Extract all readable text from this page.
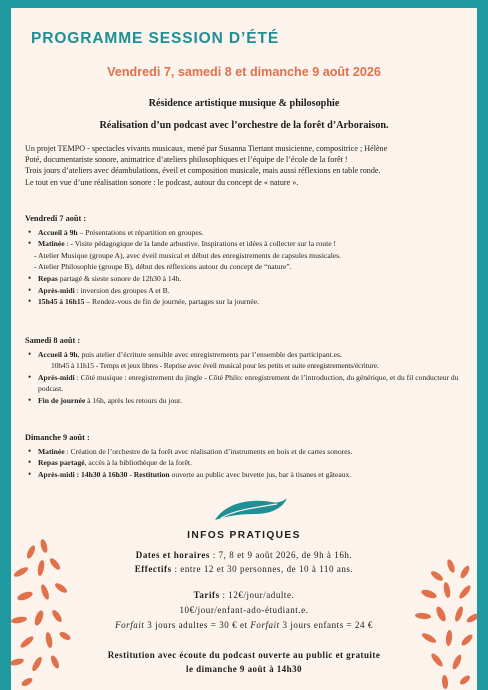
PROGRAMME SESSION D’ÉTÉ
Vendredi 7, samedi 8 et dimanche 9 août 2026
Résidence artistique musique & philosophie
Réalisation d’un podcast avec l’orchestre de la forêt d’Arboraison.
Un projet TEMPO - spectacles vivants musicaux, mené par Susanna Tiertant musicienne, compositrice ; Hélène
Poté, documentariste sonore, animatrice d’ateliers philosophiques et l’équipe de l’école de la forêt !
Trois jours d’ateliers avec déambulations, éveil et composition musicale, mais aussi réflexions en table ronde.
Le tout en vue d’une réalisation sonore : le podcast, autour du concept de « nature ».
Vendredi 7 août :
• Accueil à 9h – Présentations et répartition en groupes.
• Matinée : - Visite pédagogique de la lande arbustive. Inspirations et idées à collecter sur la route !
- Atelier Musique (groupe A), avec éveil musical et début des enregistrements de capsules musicales.
- Atelier Philosophie (groupe B), début des réflexions autour du concept de “nature”.
• Repas partagé & sieste sonore de 12h30 à 14h.
• Après-midi : inversion des groupes A et B.
• 15h45 à 16h15 – Rendez-vous de fin de journée, partages sur la journée.
Samedi 8 août :
• Accueil à 9h, puis atelier d’écriture sensible avec enregistrements par l’ensemble des participant.es.
10h45 à 11h15 - Temps et jeux libres - Reprise avec éveil musical pour les petits et suite enregistrements/écriture.
• Après-midi : Côté musique : enregistrement du jingle - Côté Philo: enregistrement de l’introduction, du générique, et du fil conducteur du podcast.
• Fin de journée à 16h, après les retours du jour.
Dimanche 9 août :
• Matinée : Création de l’orchestre de la forêt avec réalisation d’instruments en bois et de cartes sonores.
• Repas partagé, accès à la bibliothèque de la forêt.
• Après-midi : 14h30 à 16h30 - Restitution ouverte au public avec buvette jus, bar à tisanes et gâteaux.
INFOS PRATIQUES
Dates et horaires : 7, 8 et 9 août 2026, de 9h à 16h.
Effectifs : entre 12 et 30 personnes, de 10 à 110 ans.
Tarifs : 12€/jour/adulte.
10€/jour/enfant-ado-étudiant.e.
Forfait 3 jours adultes = 30 € et Forfait 3 jours enfants = 24 €
Restitution avec écoute du podcast ouverte au public et gratuite
le dimanche 9 août à 14h30
